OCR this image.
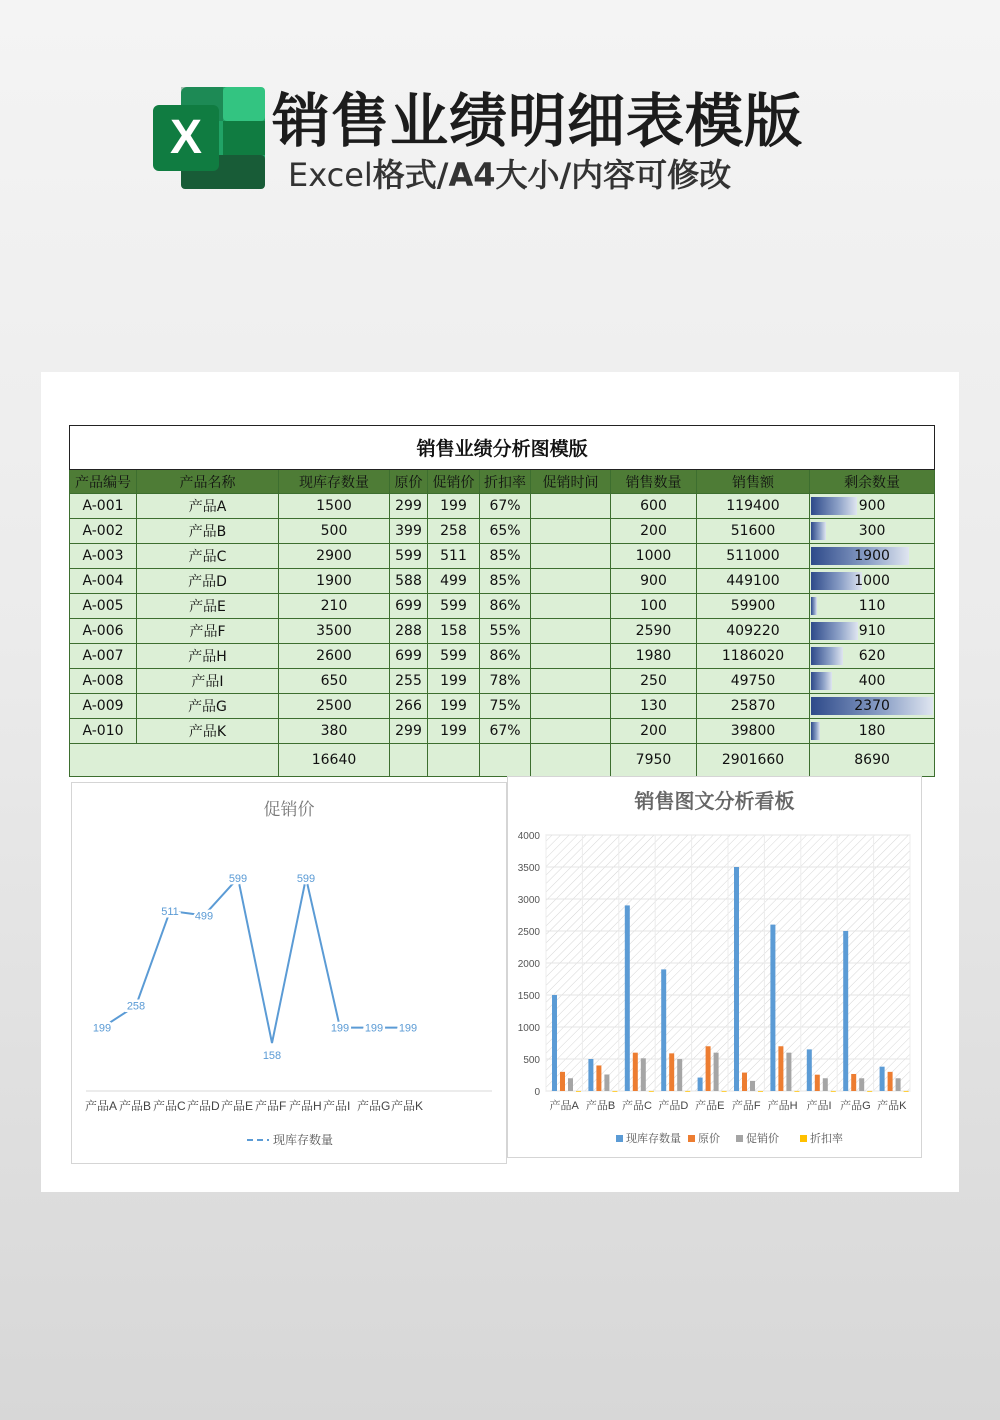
X 销售业绩明细表模版
Excel格式/A4大小/内容可修改
销售业绩分析图模版									
产品编号	产品名称	现库存数量	原价	促销价	折扣率	促销时间	销售数量	销售额	剩余数量
A-001	产品A	1500	299	199	67%		600	119400	900
A-002	产品B	500	399	258	65%		200	51600	300
A-003	产品C	2900	599	511	85%		1000	511000	1900
A-004	产品D	1900	588	499	85%		900	449100	1000
A-005	产品E	210	699	599	86%		100	59900	110
A-006	产品F	3500	288	158	55%		2590	409220	910
A-007	产品H	2600	699	599	86%		1980	1186020	620
A-008	产品I	650	255	199	78%		250	49750	400
A-009	产品G	2500	266	199	75%		130	25870	2370
A-010	产品K	380	299	199	67%		200	39800	180
		16640					7950	2901660	8690
促销价
199
258
511 499
599
158
599
199 199 199
产品A 产品B 产品C 产品D 产品E 产品F 产品H 产品I 产品G 产品K
现库存数量
销售图文分析看板
0
500
1000
1500
2000
2500
3000
3500
4000
产品A 产品B 产品C 产品D 产品E 产品F 产品H 产品I 产品G 产品K
现库存数量 原价 促销价	折扣率
